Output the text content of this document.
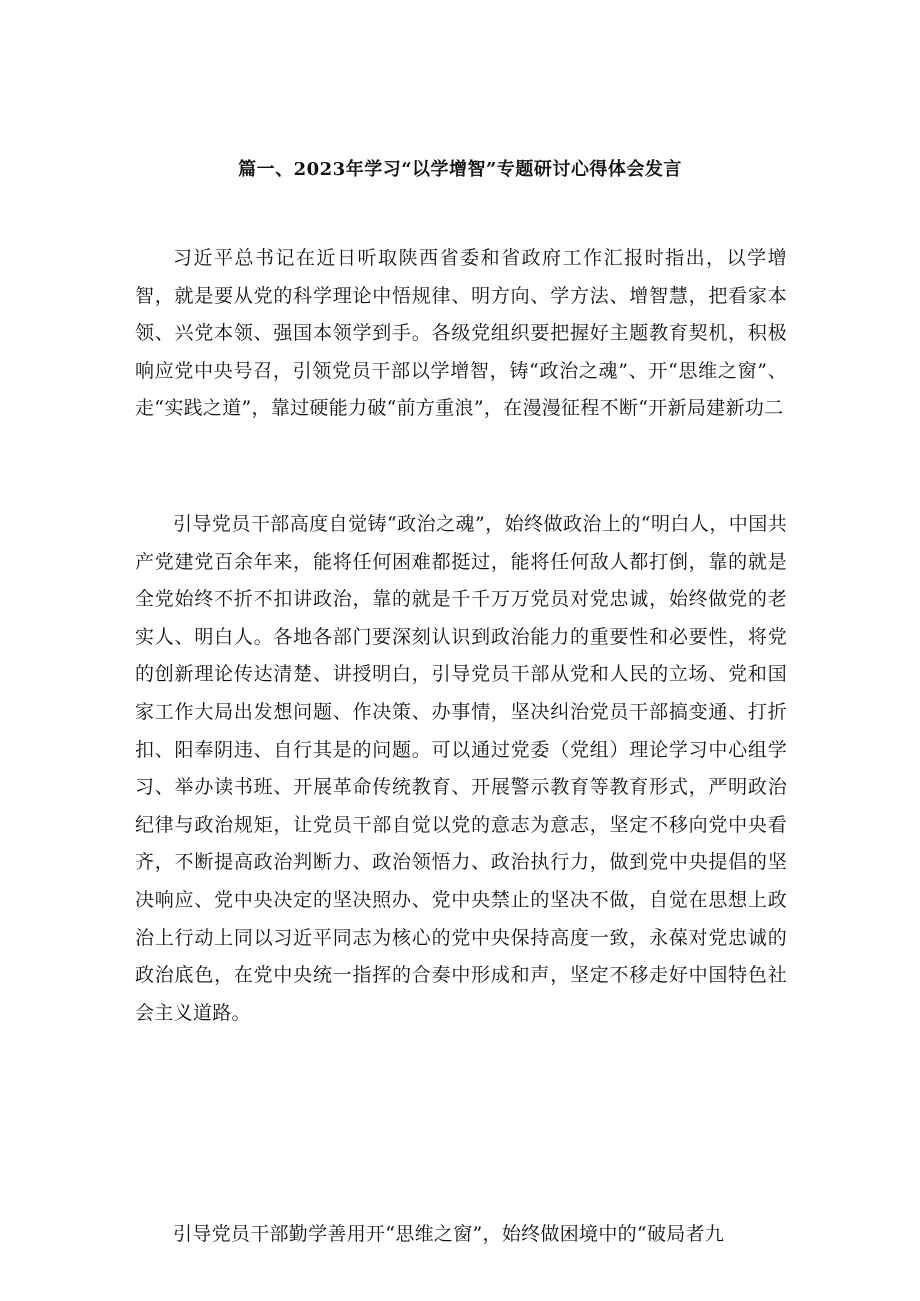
篇一、2023年学习“以学增智”专题研讨心得体会发言

习近平总书记在近日听取陕西省委和省政府工作汇报时指出，以学增智，就是要从党的科学理论中悟规律、明方向、学方法、增智慧，把看家本领、兴党本领、强国本领学到手。各级党组织要把握好主题教育契机，积极响应党中央号召，引领党员干部以学增智，铸“政治之魂”、开“思维之窗”、走“实践之道”，靠过硬能力破“前方重浪”，在漫漫征程不断“开新局建新功二

引导党员干部高度自觉铸“政治之魂”，始终做政治上的“明白人，中国共产党建党百余年来，能将任何困难都挺过，能将任何敌人都打倒，靠的就是全党始终不折不扣讲政治，靠的就是千千万万党员对党忠诚，始终做党的老实人、明白人。各地各部门要深刻认识到政治能力的重要性和必要性，将党的创新理论传达清楚、讲授明白，引导党员干部从党和人民的立场、党和国家工作大局出发想问题、作决策、办事情，坚决纠治党员干部搞变通、打折扣、阳奉阴违、自行其是的问题。可以通过党委（党组）理论学习中心组学习、举办读书班、开展革命传统教育、开展警示教育等教育形式，严明政治纪律与政治规矩，让党员干部自觉以党的意志为意志，坚定不移向党中央看齐，不断提高政治判断力、政治领悟力、政治执行力，做到党中央提倡的坚决响应、党中央决定的坚决照办、党中央禁止的坚决不做，自觉在思想上政治上行动上同以习近平同志为核心的党中央保持高度一致，永葆对党忠诚的政治底色，在党中央统一指挥的合奏中形成和声，坚定不移走好中国特色社会主义道路。

引导党员干部勤学善用开“思维之窗”，始终做困境中的“破局者九
